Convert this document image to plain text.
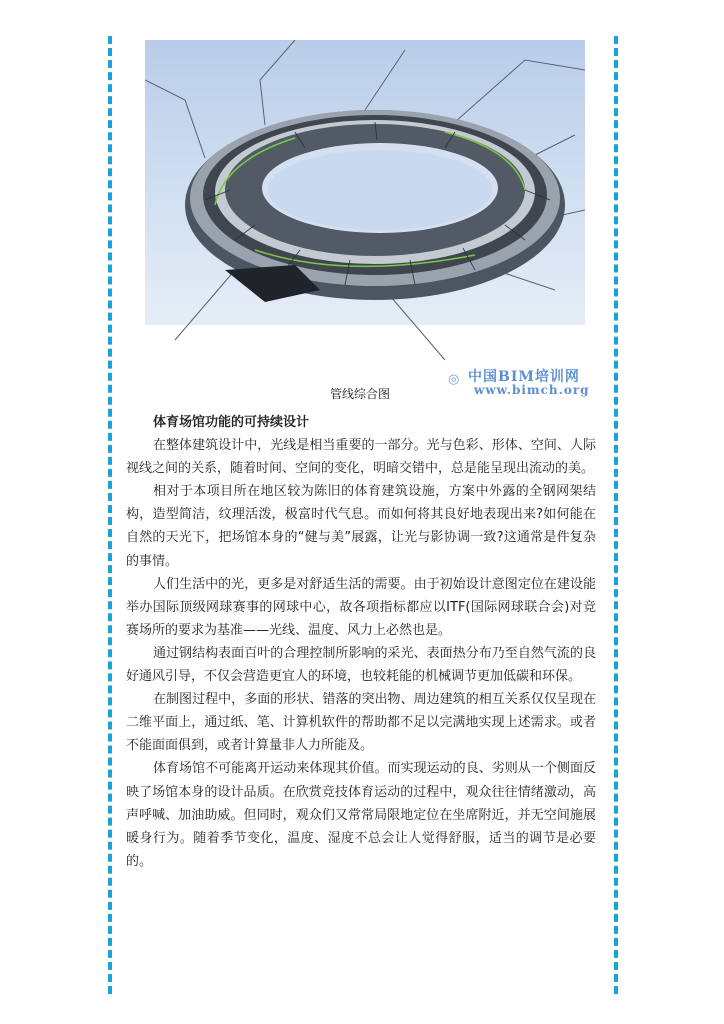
管线综合图
◎ 中国BIM培训网
www.bimch.org
体育场馆功能的可持续设计

在整体建筑设计中，光线是相当重要的一部分。光与色彩、形体、空间、人际视线之间的关系，随着时间、空间的变化，明暗交错中，总是能呈现出流动的美。

相对于本项目所在地区较为陈旧的体育建筑设施，方案中外露的全钢网架结构，造型简洁，纹理活泼，极富时代气息。而如何将其良好地表现出来?如何能在自然的天光下，把场馆本身的“健与美”展露，让光与影协调一致?这通常是件复杂的事情。

人们生活中的光，更多是对舒适生活的需要。由于初始设计意图定位在建设能举办国际顶级网球赛事的网球中心，故各项指标都应以ITF(国际网球联合会)对竞赛场所的要求为基准——光线、温度、风力上必然也是。

通过钢结构表面百叶的合理控制所影响的采光、表面热分布乃至自然气流的良好通风引导，不仅会营造更宜人的环境，也较耗能的机械调节更加低碳和环保。

在制图过程中，多面的形状、错落的突出物、周边建筑的相互关系仅仅呈现在二维平面上，通过纸、笔、计算机软件的帮助都不足以完满地实现上述需求。或者不能面面俱到，或者计算量非人力所能及。

体育场馆不可能离开运动来体现其价值。而实现运动的良、劣则从一个侧面反映了场馆本身的设计品质。在欣赏竞技体育运动的过程中，观众往往情绪激动，高声呼喊、加油助威。但同时，观众们又常常局限地定位在坐席附近，并无空间施展暖身行为。随着季节变化，温度、湿度不总会让人觉得舒服，适当的调节是必要的。
